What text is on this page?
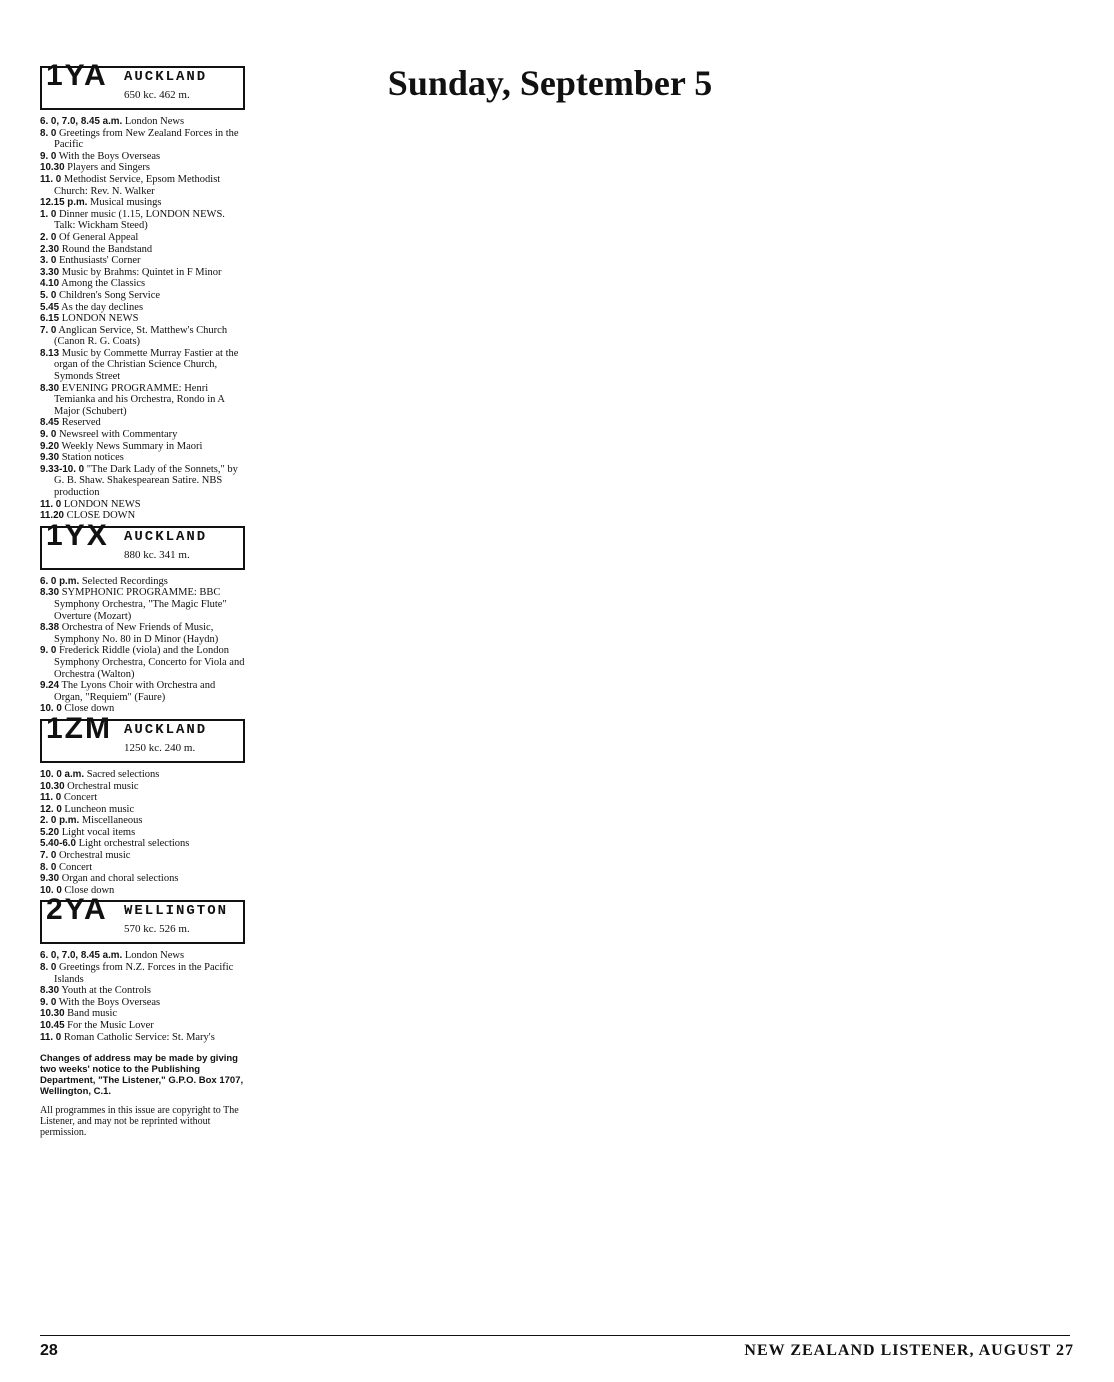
Sunday, September 5
1YA AUCKLAND
650 kc. 462 m.

6. 0, 7.0, 8.45 a.m. London News

8. 0 Greetings from New Zealand Forces in the Pacific

9. 0 With the Boys Overseas

10.30 Players and Singers

11. 0 Methodist Service, Epsom Methodist Church: Rev. N. Walker

12.15 p.m. Musical musings

1. 0 Dinner music (1.15, LONDON NEWS. Talk: Wickham Steed)

2. 0 Of General Appeal

2.30 Round the Bandstand

3. 0 Enthusiasts' Corner

3.30 Music by Brahms: Quintet in F Minor

4.10 Among the Classics

5. 0 Children's Song Service

5.45 As the day declines

6.15 LONDON NEWS

7. 0 Anglican Service, St. Matthew's Church (Canon R. G. Coats)

8.13 Music by Commette Murray Fastier at the organ of the Christian Science Church, Symonds Street

8.30 EVENING PROGRAMME: Henri Temianka and his Orchestra, Rondo in A Major (Schubert)

8.45 Reserved

9. 0 Newsreel with Commentary

9.20 Weekly News Summary in Maori

9.30 Station notices

9.33-10. 0 "The Dark Lady of the Sonnets," by G. B. Shaw. Shakespearean Satire. NBS production

11. 0 LONDON NEWS

11.20 CLOSE DOWN

1YX AUCKLAND
880 kc. 341 m.

6. 0 p.m. Selected Recordings

8.30 SYMPHONIC PROGRAMME: BBC Symphony Orchestra, "The Magic Flute" Overture (Mozart)

8.38 Orchestra of New Friends of Music, Symphony No. 80 in D Minor (Haydn)

9. 0 Frederick Riddle (viola) and the London Symphony Orchestra, Concerto for Viola and Orchestra (Walton)

9.24 The Lyons Choir with Orchestra and Organ, "Requiem" (Faure)

10. 0 Close down

1ZM AUCKLAND
1250 kc. 240 m.

10. 0 a.m. Sacred selections

10.30 Orchestral music

11. 0 Concert

12. 0 Luncheon music

2. 0 p.m. Miscellaneous

5.20 Light vocal items

5.40-6.0 Light orchestral selections

7. 0 Orchestral music

8. 0 Concert

9.30 Organ and choral selections

10. 0 Close down

2YA WELLINGTON
570 kc. 526 m.

6. 0, 7.0, 8.45 a.m. London News

8. 0 Greetings from N.Z. Forces in the Pacific Islands

8.30 Youth at the Controls

9. 0 With the Boys Overseas

10.30 Band music

10.45 For the Music Lover

11. 0 Roman Catholic Service: St. Mary's

Changes of address may be made by giving two weeks' notice to the Publishing Department, "The Listener," G.P.O. Box 1707, Wellington, C.1.
All programmes in this issue are copyright to The Listener, and may not be reprinted without permission.
28	NEW ZEALAND LISTENER, AUGUST 27
